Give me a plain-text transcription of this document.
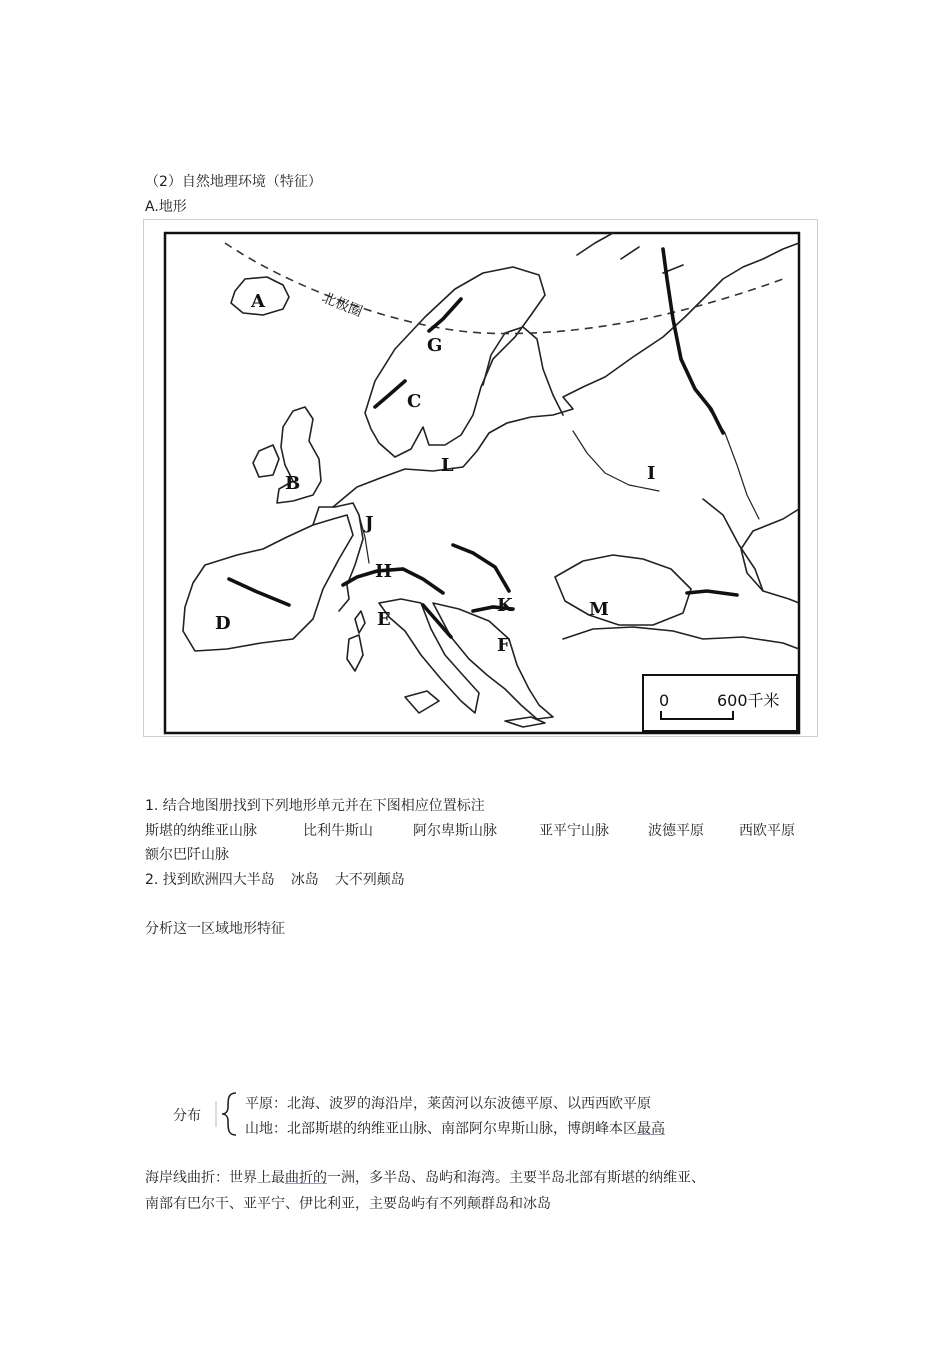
（2）自然地理环境（特征）
A.地形
北极圈
A
B
C
D	E
F
G
H
I
J
K
L
M
0	600千米
1. 结合地图册找到下列地形单元并在下图相应位置标注
斯堪的纳维亚山脉	比利牛斯山	阿尔卑斯山脉	亚平宁山脉	波德平原	西欧平原
额尔巴阡山脉
2. 找到欧洲四大半岛 冰岛 大不列颠岛
分析这一区域地形特征
分布
平原：北海、波罗的海沿岸，莱茵河以东波德平原、以西西欧平原
山地：北部斯堪的纳维亚山脉、南部阿尔卑斯山脉，博朗峰本区最高
海岸线曲折：世界上最曲折的一洲，多半岛、岛屿和海湾。主要半岛北部有斯堪的纳维亚、
南部有巴尔干、亚平宁、伊比利亚，主要岛屿有不列颠群岛和冰岛
